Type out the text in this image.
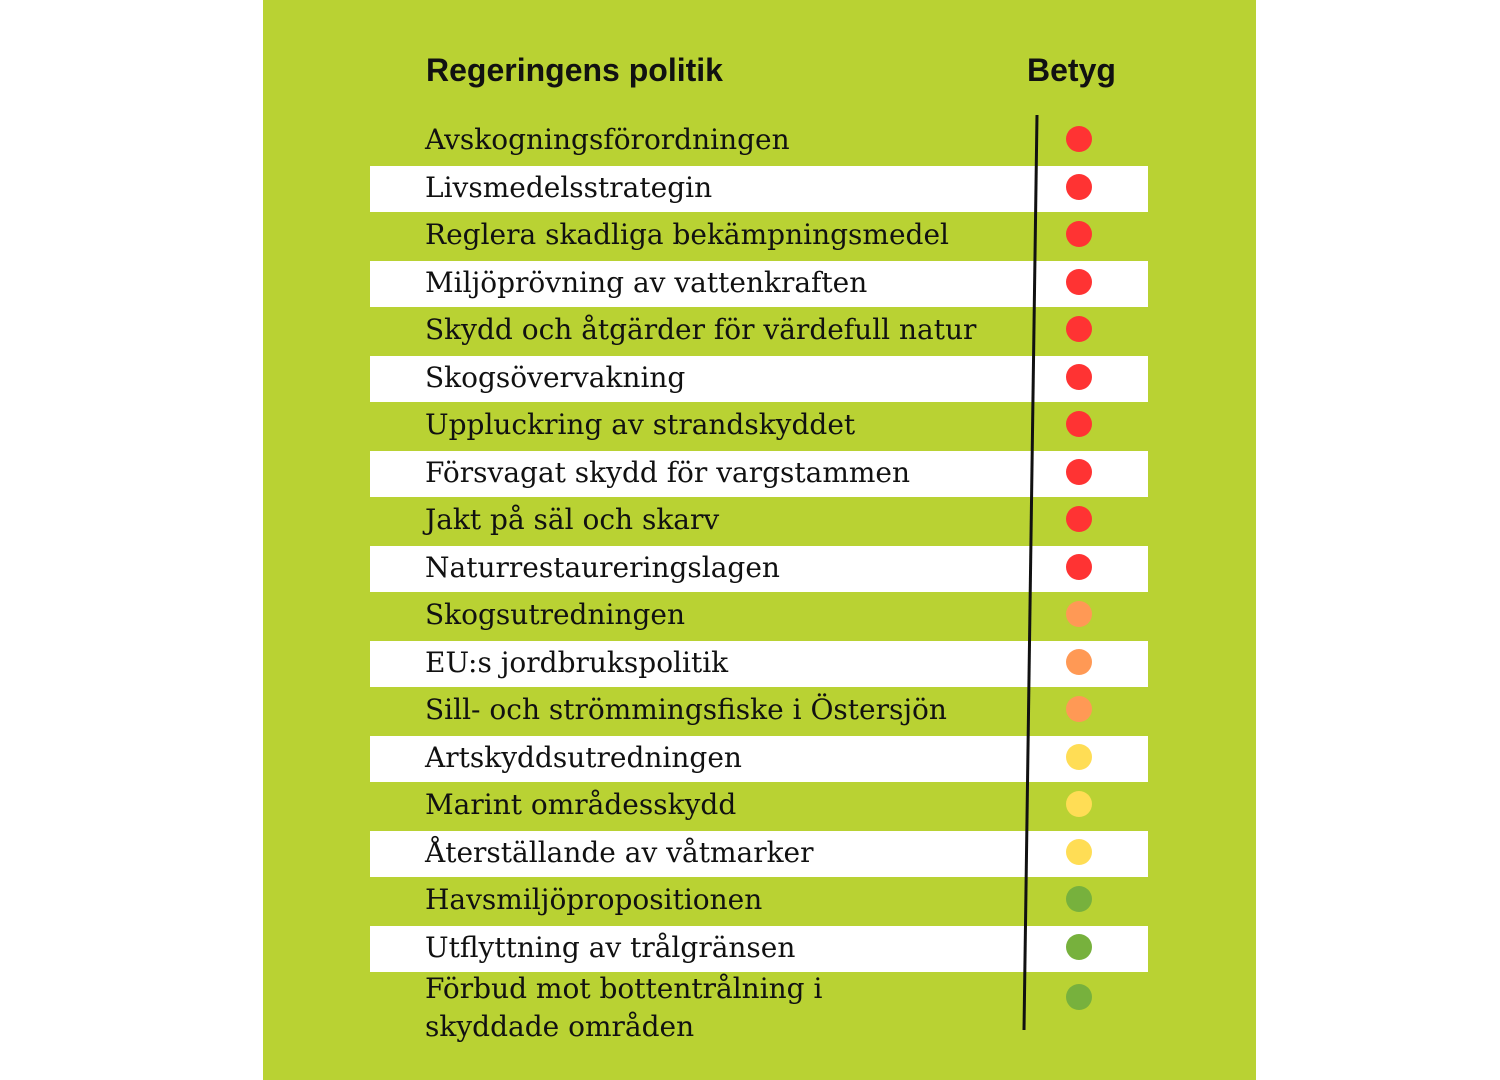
Regeringens politik	Betyg
Avskogningsförordningen
Livsmedelsstrategin
Reglera skadliga bekämpningsmedel
Miljöprövning av vattenkraften
Skydd och åtgärder för värdefull natur
Skogsövervakning
Uppluckring av strandskyddet
Försvagat skydd för vargstammen
Jakt på säl och skarv
Naturrestaureringslagen
Skogsutredningen
EU:s jordbrukspolitik
Sill- och strömmingsfiske i Östersjön
Artskyddsutredningen
Marint områdesskydd
Återställande av våtmarker
Havsmiljöpropositionen
Utflyttning av trålgränsen
Förbud mot bottentrålning i skyddade områden
